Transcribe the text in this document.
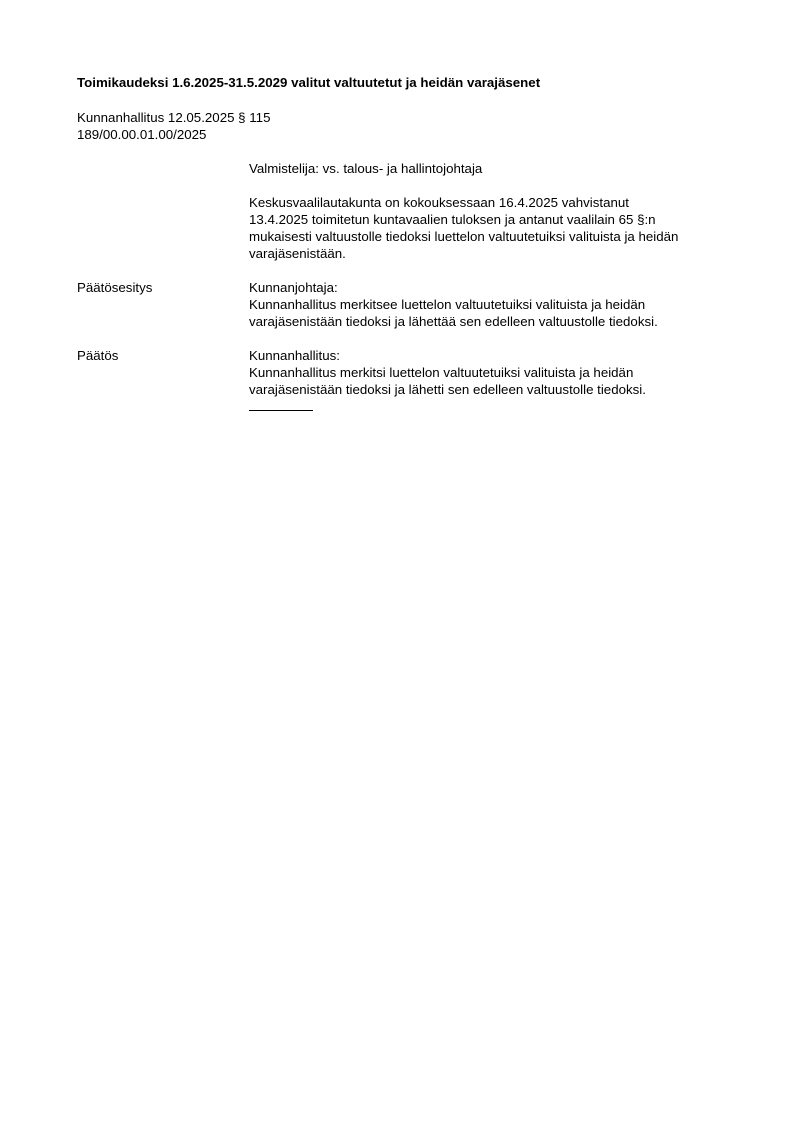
Toimikaudeksi 1.6.2025-31.5.2029 valitut valtuutetut ja heidän varajäsenet
Kunnanhallitus 12.05.2025 § 115
189/00.00.01.00/2025
Valmistelija: vs. talous- ja hallintojohtaja
Keskusvaalilautakunta on kokouksessaan 16.4.2025 vahvistanut
13.4.2025 toimitetun kuntavaalien tuloksen ja antanut vaalilain 65 §:n
mukaisesti valtuustolle tiedoksi luettelon valtuutetuiksi valituista ja heidän
varajäsenistään.
Päätösesitys	Kunnanjohtaja:
Kunnanhallitus merkitsee luettelon valtuutetuiksi valituista ja heidän
varajäsenistään tiedoksi ja lähettää sen edelleen valtuustolle tiedoksi.
Päätös	Kunnanhallitus:
Kunnanhallitus merkitsi luettelon valtuutetuiksi valituista ja heidän
varajäsenistään tiedoksi ja lähetti sen edelleen valtuustolle tiedoksi.
